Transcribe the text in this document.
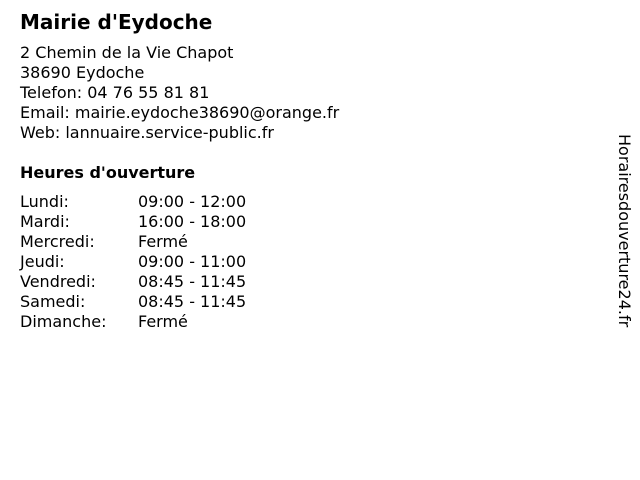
Mairie d'Eydoche
2 Chemin de la Vie Chapot
38690 Eydoche
Telefon: 04 76 55 81 81
Email: mairie.eydoche38690@orange.fr
Web: lannuaire.service-public.fr
Heures d'ouverture
Lundi:	09:00 - 12:00
Mardi:	16:00 - 18:00
Mercredi:	Fermé
Jeudi:	09:00 - 11:00
Vendredi:	08:45 - 11:45
Samedi:	08:45 - 11:45
Dimanche:	Fermé	Horairesdouverture24.fr
